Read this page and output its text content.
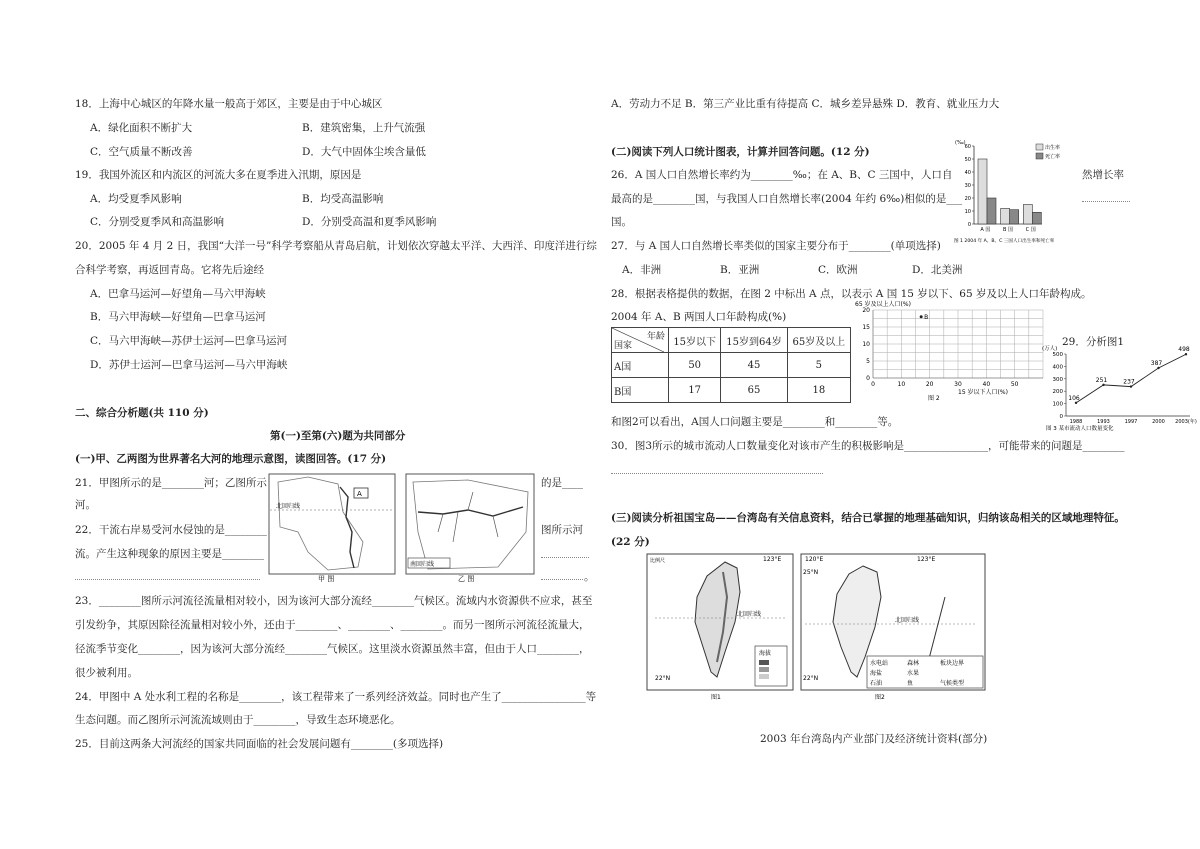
18．上海中心城区的年降水量一般高于郊区，主要是由于中心城区
A．绿化面积不断扩大	B．建筑密集，上升气流强
C．空气质量不断改善	D．大气中固体尘埃含量低
19．我国外流区和内流区的河流大多在夏季进入汛期，原因是
A．均受夏季风影响	B．均受高温影响
C．分别受夏季风和高温影响	D．分别受高温和夏季风影响
20．2005 年 4 月 2 日，我国“大洋一号”科学考察船从青岛启航，计划依次穿越太平洋、大西洋、印度洋进行综
合科学考察，再返回青岛。它将先后途经
A．巴拿马运河—好望角—马六甲海峡
B．马六甲海峡—好望角—巴拿马运河
C．马六甲海峡—苏伊士运河—巴拿马运河
D．苏伊士运河—巴拿马运河—马六甲海峡
二、综合分析题(共 110 分)
第(一)至第(六)题为共同部分
(一)甲、乙两图为世界著名大河的地理示意图，读图回答。(17 分)
21．甲图所示的是________河；乙图所示	的是____
河。
22．干流右岸易受河水侵蚀的是________	图所示河
流。产生这种现象的原因主要是________
。
A
北回归线
甲 图
南回归线
乙 图
23．________图所示河流径流量相对较小，因为该河大部分流经________气候区。流域内水资源供不应求，甚至
引发纷争，其原因除径流量相对较小外，还由于________、________、________。而另一图所示河流径流量大，
径流季节变化________，因为该河大部分流经________气候区。这里淡水资源虽然丰富，但由于人口________，
很少被利用。
24．甲图中 A 处水利工程的名称是________，该工程带来了一系列经济效益。同时也产生了________________等
生态问题。而乙图所示河流流域则由于________，导致生态环境恶化。
25．目前这两条大河流经的国家共同面临的社会发展问题有________(多项选择)
A．劳动力不足 B．第三产业比重有待提高 C．城乡差异悬殊 D．教育、就业压力大
(二)阅读下列人口统计图表，计算并回答问题。(12 分)
26．A 国人口自然增长率约为________‰；在 A、B、C 三国中，人口自
最高的是________国，与我国人口自然增长率(2004 年约 6‰)相似的是___
国。
然增长率
(‰)
0
10
20
30
40
50
60
A 国	B 国	C 国
出生率
死亡率
图 1 2004 年 A、B、C 三国人口出生率和死亡率
27．与 A 国人口自然增长率类似的国家主要分布于________(单项选择)
A．非洲	B．亚洲	C．欧洲	D．北美洲
28．根据表格提供的数据，在图 2 中标出 A 点，以表示 A 国 15 岁以下、65 岁及以上人口年龄构成。
2004 年 A、B 两国人口年龄构成(%)
年龄
国家	15岁以下	15岁到64岁	65岁及以上
A国	50	45	5
B国	17	65	18
65 岁及以上人口(%)
0
5
10
15
20
0	10	20	30	40	50
B
15 岁以下人口(%)
图 2
29．分析图1
(万人)
0
100
200
300
400
500
106
251	237
387
498
1988	1993	1997	2000 2003(年)
图 3 某市流动人口数量变化
和图2可以看出，A国人口问题主要是________和________等。
30．图3所示的城市流动人口数量变化对该市产生的积极影响是________________，可能带来的问题是________
(三)阅读分析祖国宝岛——台湾岛有关信息资料，结合已掌握的地理基础知识，归纳该岛相关的区域地理特征。
(22 分)
比例尺	123°E
北回归线
海拔
22°N
图1
120°E	123°E
25°N
北回归线
22°N
水电站	森林	板块边界
海盐	水果
石油	鱼	气候类型
图2
2003 年台湾岛内产业部门及经济统计资料(部分)
